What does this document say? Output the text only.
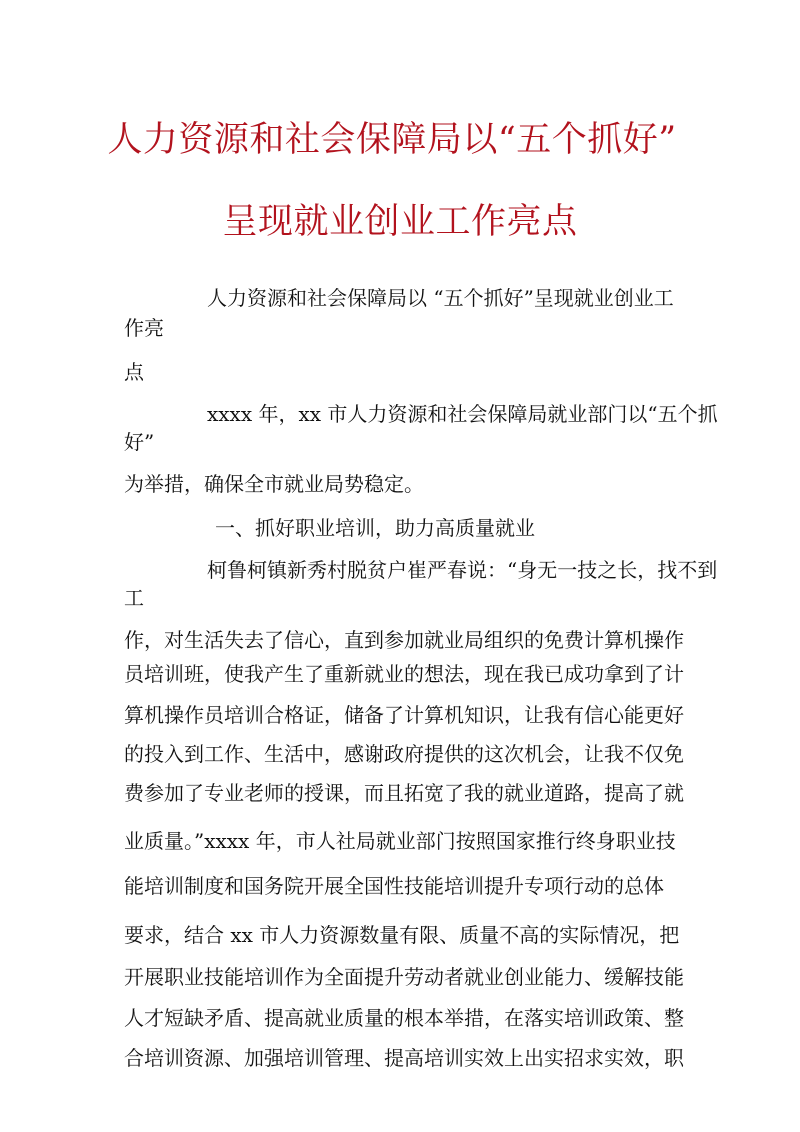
人力资源和社会保障局以“五个抓好”
呈现就业创业工作亮点
人力资源和社会保障局以 “五个抓好”呈现就业创业工
作亮
点
xxxx 年，xx 市人力资源和社会保障局就业部门以“五个抓
好”
为举措，确保全市就业局势稳定。
一、抓好职业培训，助力高质量就业
柯鲁柯镇新秀村脱贫户崔严春说：“身无一技之长，找不到
工
作，对生活失去了信心，直到参加就业局组织的免费计算机操作
员培训班，使我产生了重新就业的想法，现在我已成功拿到了计
算机操作员培训合格证，储备了计算机知识，让我有信心能更好
的投入到工作、生活中，感谢政府提供的这次机会，让我不仅免
费参加了专业老师的授课，而且拓宽了我的就业道路，提高了就
业质量。”xxxx 年，市人社局就业部门按照国家推行终身职业技
能培训制度和国务院开展全国性技能培训提升专项行动的总体
要求，结合 xx 市人力资源数量有限、质量不高的实际情况，把
开展职业技能培训作为全面提升劳动者就业创业能力、缓解技能
人才短缺矛盾、提高就业质量的根本举措，在落实培训政策、整
合培训资源、加强培训管理、提高培训实效上出实招求实效，职
